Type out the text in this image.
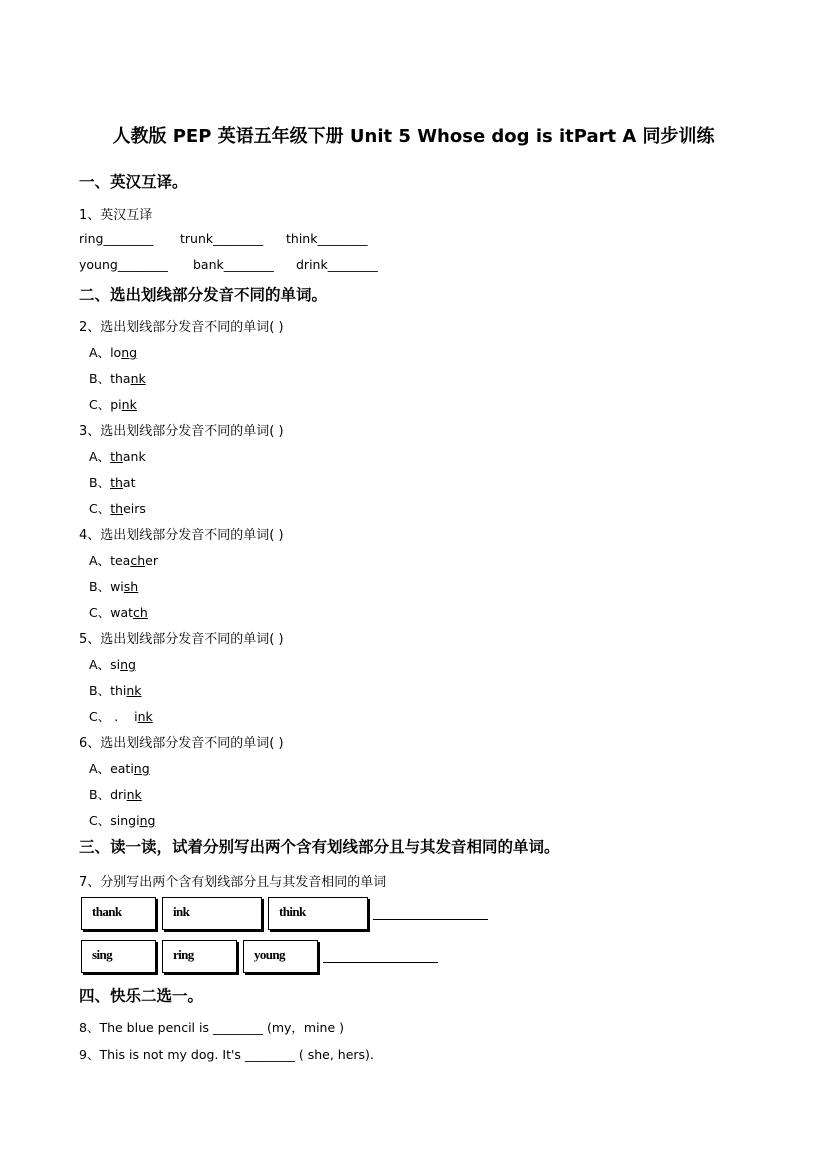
人教版 PEP 英语五年级下册 Unit 5 Whose dog is itPart A 同步训练
一、英汉互译。
1、英汉互译
ring________ trunk________ think________
young________ bank________ drink________
二、选出划线部分发音不同的单词。
2、选出划线部分发音不同的单词( )
A、long
B、thank
C、pink
3、选出划线部分发音不同的单词( )
A、thank
B、that
C、theirs
4、选出划线部分发音不同的单词( )
A、teacher
B、wish
C、watch
5、选出划线部分发音不同的单词( )
A、sing
B、think
C、 .    ink
6、选出划线部分发音不同的单词( )
A、eating
B、drink
C、singing
三、读一读，试着分别写出两个含有划线部分且与其发音相同的单词。
7、分别写出两个含有划线部分且与其发音相同的单词
thank	ink	think
sing	ring	young
四、快乐二选一。
8、The blue pencil is ________ (my，mine )
9、This is not my dog. It's ________ ( she, hers).
